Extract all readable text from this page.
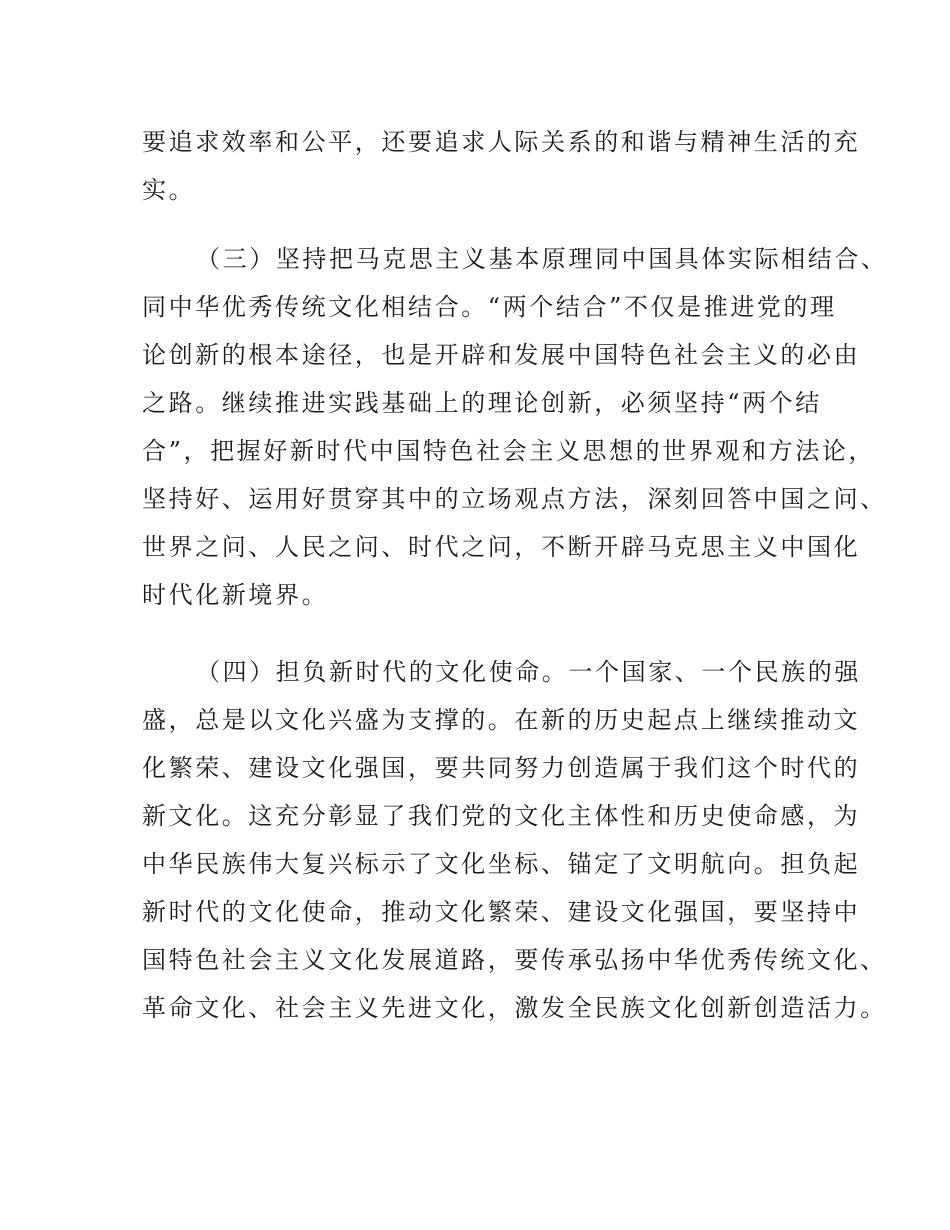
要追求效率和公平，还要追求人际关系的和谐与精神生活的充
实。
（三）坚持把马克思主义基本原理同中国具体实际相结合、
同中华优秀传统文化相结合。“两个结合”不仅是推进党的理
论创新的根本途径，也是开辟和发展中国特色社会主义的必由
之路。继续推进实践基础上的理论创新，必须坚持“两个结
合”，把握好新时代中国特色社会主义思想的世界观和方法论，
坚持好、运用好贯穿其中的立场观点方法，深刻回答中国之问、
世界之问、人民之问、时代之问，不断开辟马克思主义中国化
时代化新境界。
（四）担负新时代的文化使命。一个国家、一个民族的强
盛，总是以文化兴盛为支撑的。在新的历史起点上继续推动文
化繁荣、建设文化强国，要共同努力创造属于我们这个时代的
新文化。这充分彰显了我们党的文化主体性和历史使命感，为
中华民族伟大复兴标示了文化坐标、锚定了文明航向。担负起
新时代的文化使命，推动文化繁荣、建设文化强国，要坚持中
国特色社会主义文化发展道路，要传承弘扬中华优秀传统文化、
革命文化、社会主义先进文化，激发全民族文化创新创造活力。
